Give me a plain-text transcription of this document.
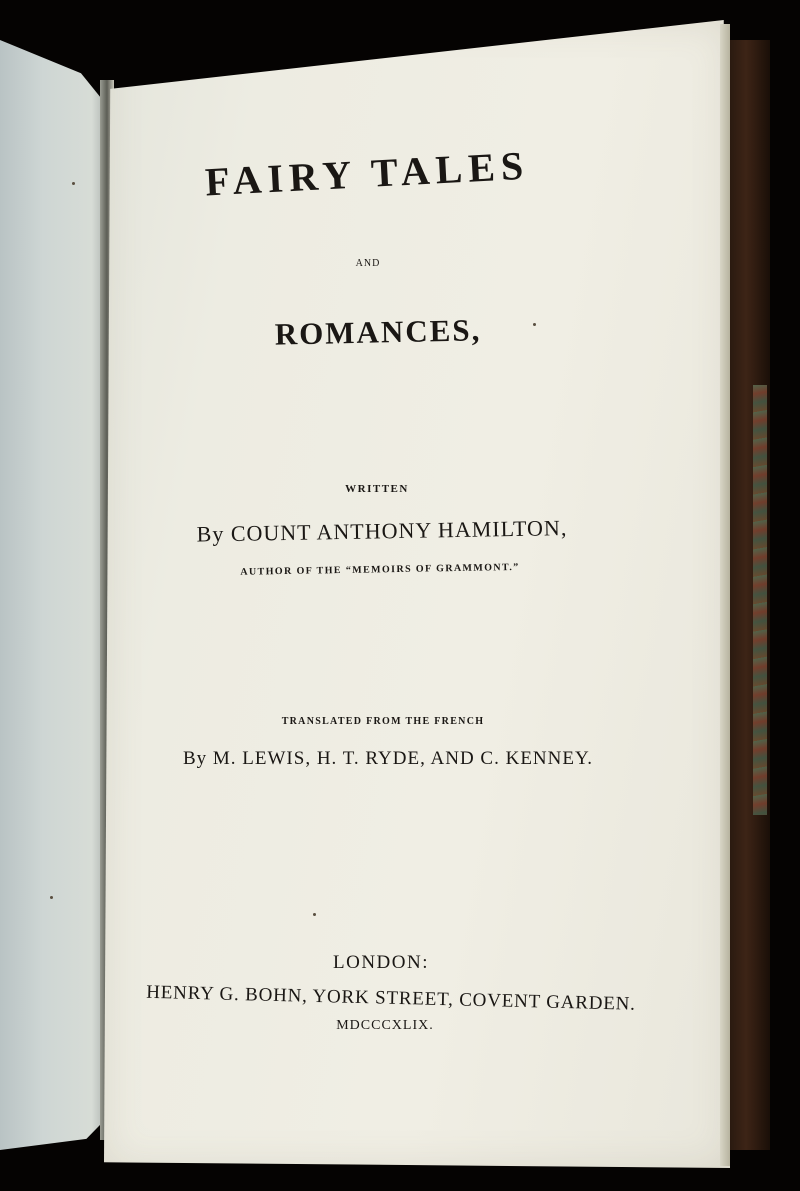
FAIRY TALES

AND

ROMANCES,

WRITTEN

By COUNT ANTHONY HAMILTON,

AUTHOR OF THE “MEMOIRS OF GRAMMONT.”

TRANSLATED FROM THE FRENCH

By M. LEWIS, H. T. RYDE, AND C. KENNEY.

LONDON:

HENRY G. BOHN, YORK STREET, COVENT GARDEN.

MDCCCXLIX.
